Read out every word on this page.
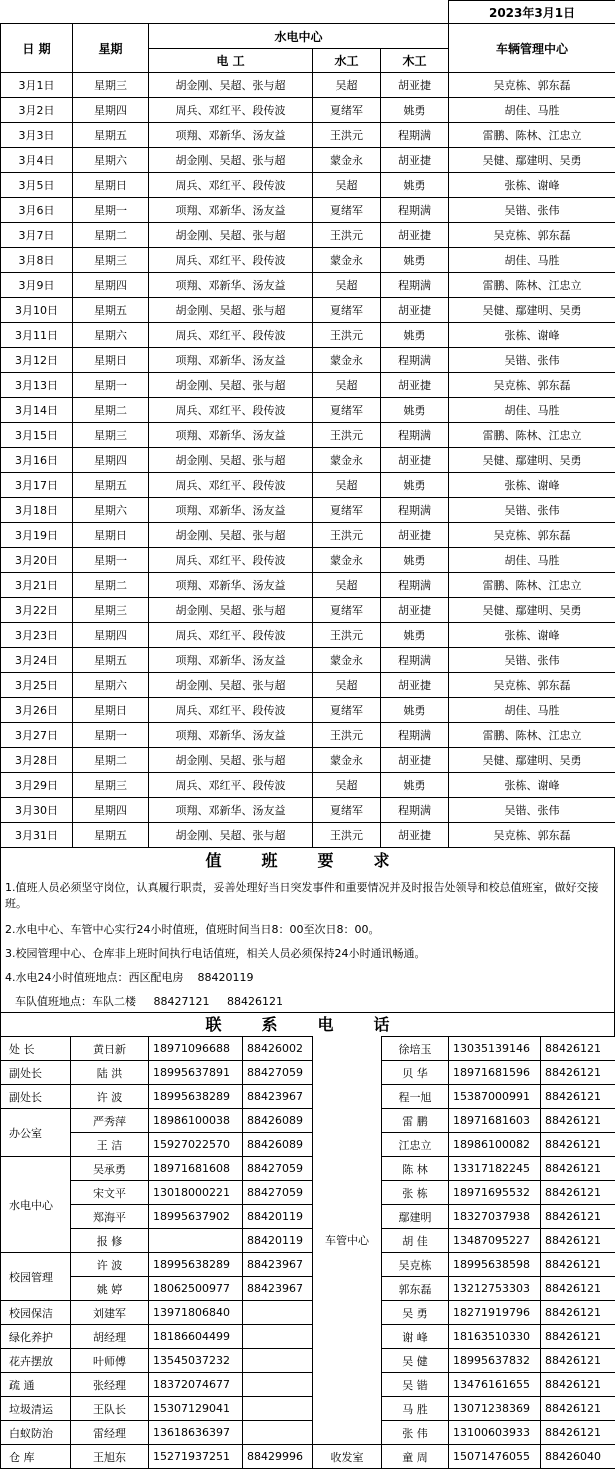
					2023年3月1日
日 期	星期	水电中心			车辆管理中心
		电 工	水工	木工	
3月1日	星期三	胡金刚、吴超、张与超	吴超	胡亚捷	吴克栋、郭东磊
3月2日	星期四	周兵、邓红平、段传波	夏绪军	姚勇	胡佳、马胜
3月3日	星期五	项翔、邓新华、汤友益	王洪元	程期满	雷鹏、陈林、江忠立
3月4日	星期六	胡金刚、吴超、张与超	蒙金永	胡亚捷	吴健、鄢建明、吴勇
3月5日	星期日	周兵、邓红平、段传波	吴超	姚勇	张栋、谢峰
3月6日	星期一	项翔、邓新华、汤友益	夏绪军	程期满	吴锴、张伟
3月7日	星期二	胡金刚、吴超、张与超	王洪元	胡亚捷	吴克栋、郭东磊
3月8日	星期三	周兵、邓红平、段传波	蒙金永	姚勇	胡佳、马胜
3月9日	星期四	项翔、邓新华、汤友益	吴超	程期满	雷鹏、陈林、江忠立
3月10日	星期五	胡金刚、吴超、张与超	夏绪军	胡亚捷	吴健、鄢建明、吴勇
3月11日	星期六	周兵、邓红平、段传波	王洪元	姚勇	张栋、谢峰
3月12日	星期日	项翔、邓新华、汤友益	蒙金永	程期满	吴锴、张伟
3月13日	星期一	胡金刚、吴超、张与超	吴超	胡亚捷	吴克栋、郭东磊
3月14日	星期二	周兵、邓红平、段传波	夏绪军	姚勇	胡佳、马胜
3月15日	星期三	项翔、邓新华、汤友益	王洪元	程期满	雷鹏、陈林、江忠立
3月16日	星期四	胡金刚、吴超、张与超	蒙金永	胡亚捷	吴健、鄢建明、吴勇
3月17日	星期五	周兵、邓红平、段传波	吴超	姚勇	张栋、谢峰
3月18日	星期六	项翔、邓新华、汤友益	夏绪军	程期满	吴锴、张伟
3月19日	星期日	胡金刚、吴超、张与超	王洪元	胡亚捷	吴克栋、郭东磊
3月20日	星期一	周兵、邓红平、段传波	蒙金永	姚勇	胡佳、马胜
3月21日	星期二	项翔、邓新华、汤友益	吴超	程期满	雷鹏、陈林、江忠立
3月22日	星期三	胡金刚、吴超、张与超	夏绪军	胡亚捷	吴健、鄢建明、吴勇
3月23日	星期四	周兵、邓红平、段传波	王洪元	姚勇	张栋、谢峰
3月24日	星期五	项翔、邓新华、汤友益	蒙金永	程期满	吴锴、张伟
3月25日	星期六	胡金刚、吴超、张与超	吴超	胡亚捷	吴克栋、郭东磊
3月26日	星期日	周兵、邓红平、段传波	夏绪军	姚勇	胡佳、马胜
3月27日	星期一	项翔、邓新华、汤友益	王洪元	程期满	雷鹏、陈林、江忠立
3月28日	星期二	胡金刚、吴超、张与超	蒙金永	胡亚捷	吴健、鄢建明、吴勇
3月29日	星期三	周兵、邓红平、段传波	吴超	姚勇	张栋、谢峰
3月30日	星期四	项翔、邓新华、汤友益	夏绪军	程期满	吴锴、张伟
3月31日	星期五	胡金刚、吴超、张与超	王洪元	胡亚捷	吴克栋、郭东磊
值班要求
1.值班人员必须坚守岗位，认真履行职责，妥善处理好当日突发事件和重要情况并及时报告处领导和校总值班室，做好交接班。
2.水电中心、车管中心实行24小时值班，值班时间当日8：00至次日8：00。
3.校园管理中心、仓库非上班时间执行电话值班，相关人员必须保持24小时通讯畅通。
4.水电24小时值班地点：西区配电房    88420119
车队值班地点：车队二楼     88427121     88426121
联系电话
处 长	黄日新	18971096688	88426002	车管中心	徐培玉	13035139146	88426121
副处长	陆 洪	18995637891	88427059		贝 华	18971681596	88426121
副处长	许 波	18995638289	88423967		程一旭	15387000991	88426121
办公室	严秀萍	18986100038	88426089		雷 鹏	18971681603	88426121
	王 洁	15927022570	88426089		江忠立	18986100082	88426121
水电中心	吴承勇	18971681608	88427059		陈 林	13317182245	88426121
	宋文平	13018000221	88427059		张 栋	18971695532	88426121
	郑海平	18995637902	88420119		鄢建明	18327037938	88426121
	报 修		88420119		胡 佳	13487095227	88426121
校园管理	许 波	18995638289	88423967		吴克栋	18995638598	88426121
	姚 婷	18062500977	88423967		郭东磊	13212753303	88426121
校园保洁	刘建军	13971806840			吴 勇	18271919796	88426121
绿化养护	胡经理	18186604499			谢 峰	18163510330	88426121
花卉摆放	叶师傅	13545037232			吴 健	18995637832	88426121
疏 通	张经理	18372074677			吴 锴	13476161655	88426121
垃圾清运	王队长	15307129041			马 胜	13071238369	88426121
白蚁防治	雷经理	13618636397			张 伟	13100603933	88426121
仓 库	王旭东	15271937251	88429996	收发室	童 周	15071476055	88426040
